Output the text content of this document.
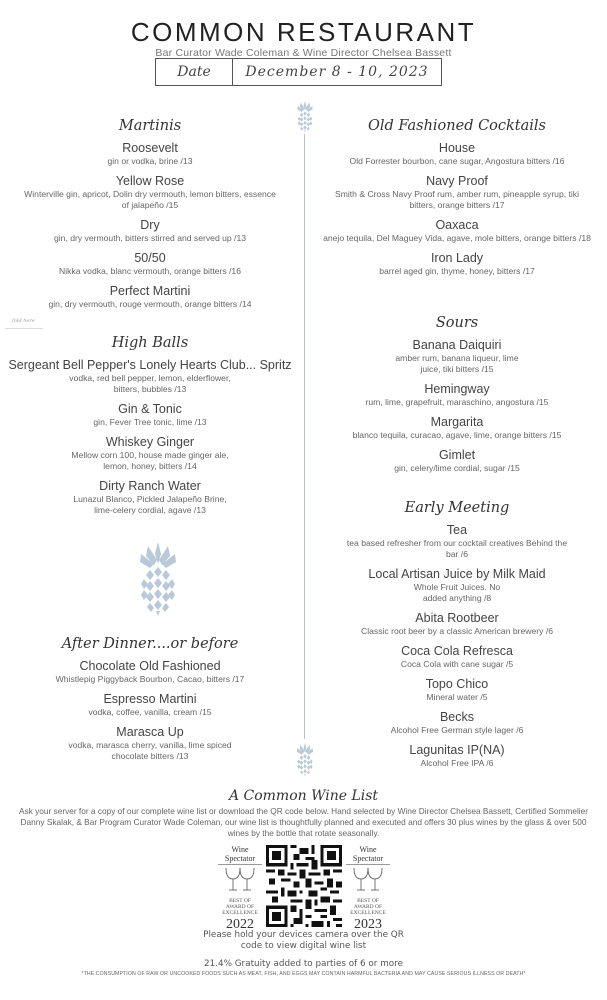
COMMON RESTAURANT
Bar Curator Wade Coleman & Wine Director Chelsea Bassett
Date	December 8 - 10, 2023
fold here
Martinis
Roosevelt
gin or vodka, brine /13
Yellow Rose
Winterville gin, apricot, Dolin dry vermouth, lemon bitters, essence of jalapeño /15
Dry
gin, dry vermouth, bitters stirred and served up /13
50/50
Nikka vodka, blanc vermouth, orange bitters /16
Perfect Martini
gin, dry vermouth, rouge vermouth, orange bitters /14
High Balls
Sergeant Bell Pepper's Lonely Hearts Club... Spritz
vodka, red bell pepper, lemon, elderflower, bitters, bubbles /13
Gin & Tonic
gin, Fever Tree tonic, lime /13
Whiskey Ginger
Mellow corn 100, house made ginger ale, lemon, honey, bitters /14
Dirty Ranch Water
Lunazul Blanco, Pickled Jalapeño Brine, lime-celery cordial, agave /13
After Dinner....or before
Chocolate Old Fashioned
Whistlepig Piggyback Bourbon, Cacao, bitters /17
Espresso Martini
vodka, coffee, vanilla, cream /15
Marasca Up
vodka, marasca cherry, vanilla, lime spiced chocolate bitters /13
Old Fashioned Cocktails
House
Old Forrester bourbon, cane sugar, Angostura bitters /16
Navy Proof
Smith & Cross Navy Proof rum, amber rum, pineapple syrup, tiki bitters, orange bitters /17
Oaxaca
anejo tequila, Del Maguey Vida, agave, mole bitters, orange bitters /18
Iron Lady
barrel aged gin, thyme, honey, bitters /17
Sours
Banana Daiquiri
amber rum, banana liqueur, lime juice, tiki bitters /15
Hemingway
rum, lime, grapefruit, maraschino, angostura /15
Margarita
blanco tequila, curacao, agave, lime, orange bitters /15
Gimlet
gin, celery/lime cordial, sugar /15
Early Meeting
Tea
tea based refresher from our cocktail creatives Behind the bar /6
Local Artisan Juice by Milk Maid
Whole Fruit Juices. No added anything /8
Abita Rootbeer
Classic root beer by a classic American brewery /6
Coca Cola Refresca
Coca Cola with cane sugar /5
Topo Chico
Mineral water /5
Becks
Alcohol Free German style lager /6
Lagunitas IP(NA)
Alcohol Free IPA /6
A Common Wine List
Ask your server for a copy of our complete wine list or download the QR code below. Hand selected by Wine Director Chelsea Bassett, Certified Sommelier Danny Skalak, & Bar Program Curator Wade Coleman, our wine list is thoughtfully planned and executed and offers 30 plus wines by the glass & over 500 wines by the bottle that rotate seasonally.
Wine Spectator
BEST OF
AWARD OF
EXCELLENCE
2022
Wine Spectator
BEST OF
AWARD OF
EXCELLENCE
2023
Please hold your devices camera over the QR
code to view digital wine list
21.4% Gratuity added to parties of 6 or more
*THE CONSUMPTION OF RAW OR UNCOOKED FOODS SUCH AS MEAT, FISH, AND EGGS MAY CONTAIN HARMFUL BACTERIA AND MAY CAUSE SERIOUS ILLNESS OR DEATH*
